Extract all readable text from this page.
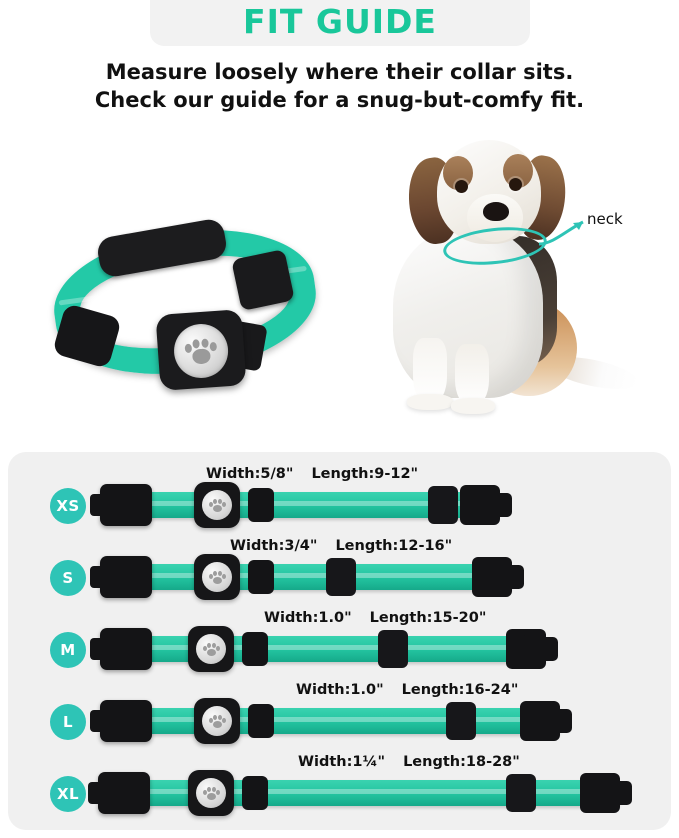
FIT GUIDE
Measure loosely where their collar sits.
Check our guide for a snug-but-comfy fit.
neck
XS
Width:5/8" Length:9-12"
S
Width:3/4" Length:12-16"
M
Width:1.0" Length:15-20"
L
Width:1.0" Length:16-24"
XL
Width:1¼" Length:18-28"
